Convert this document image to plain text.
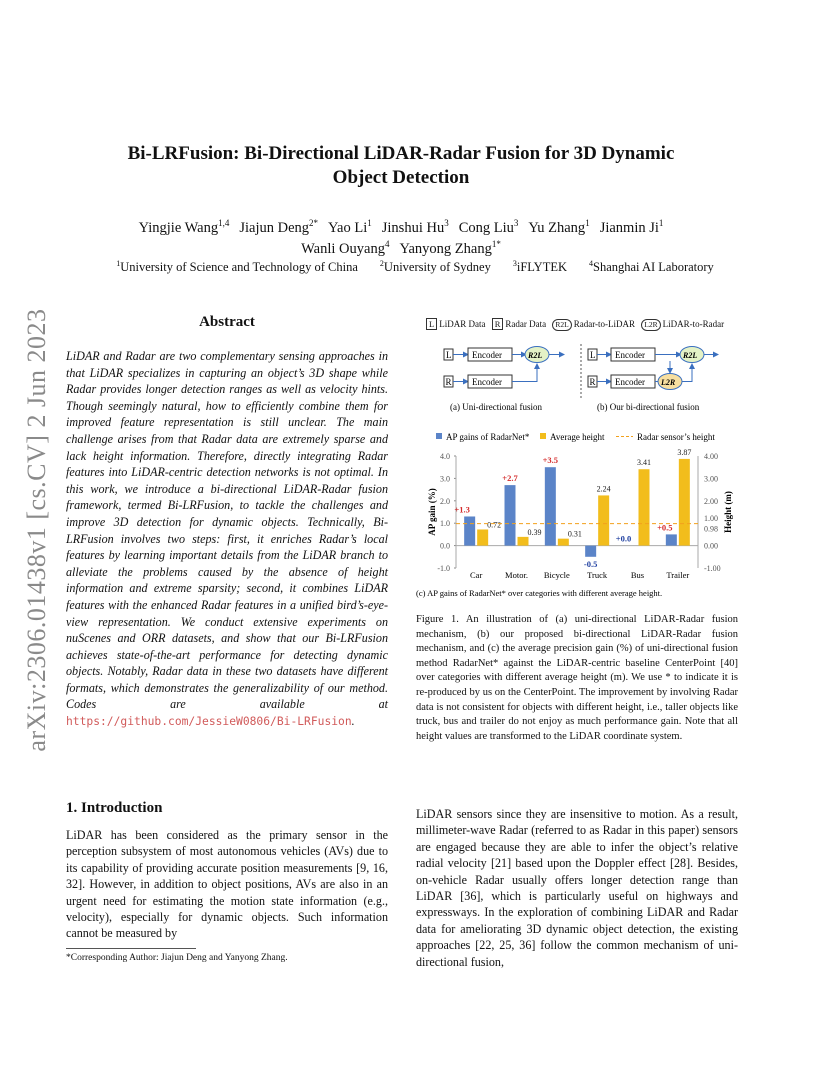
arXiv:2306.01438v1 [cs.CV] 2 Jun 2023
Bi-LRFusion: Bi-Directional LiDAR-Radar Fusion for 3D Dynamic
Object Detection
Yingjie Wang$^{1,4}$ Jiajun Deng$^{2*}$ Yao Li$^1$ Jinshui Hu$^3$ Cong Liu$^3$ Yu Zhang$^1$ Jianmin Ji$^1$
Wanli Ouyang$^4$ Yanyong Zhang$^{1*}$
$^1$University of Science and Technology of China	$^2$University of Sydney	$^3$iFLYTEK	$^4$Shanghai AI Laboratory
Abstract
LiDAR and Radar are two complementary sensing approaches in that LiDAR specializes in capturing an object’s 3D shape while Radar provides longer detection ranges as well as velocity hints. Though seemingly natural, how to efficiently combine them for improved feature representation is still unclear. The main challenge arises from that Radar data are extremely sparse and lack height information. Therefore, directly integrating Radar features into LiDAR-centric detection networks is not optimal. In this work, we introduce a bi-directional LiDAR-Radar fusion framework, termed Bi-LRFusion, to tackle the challenges and improve 3D detection for dynamic objects. Technically, Bi-LRFusion involves two steps: first, it enriches Radar’s local features by learning important details from the LiDAR branch to alleviate the problems caused by the absence of height information and extreme sparsity; second, it combines LiDAR features with the enhanced Radar features in a unified bird’s-eye-view representation. We conduct extensive experiments on nuScenes and ORR datasets, and show that our Bi-LRFusion achieves state-of-the-art performance for detecting dynamic objects. Notably, Radar data in these two datasets have different formats, which demonstrates the generalizability of our method. Codes are available at https://github.com/JessieW0806/Bi-LRFusion.
1. Introduction
LiDAR has been considered as the primary sensor in the perception subsystem of most autonomous vehicles (AVs) due to its capability of providing accurate position measurements [9, 16, 32]. However, in addition to object positions, AVs are also in an urgent need for estimating the motion state information (e.g., velocity), especially for dynamic objects. Such information cannot be measured by
LiDAR sensors since they are insensitive to motion. As a result, millimeter-wave Radar (referred to as Radar in this paper) sensors are engaged because they are able to infer the object’s relative radial velocity [21] based upon the Doppler effect [28]. Besides, on-vehicle Radar usually offers longer detection range than LiDAR [36], which is particularly useful on highways and expressways. In the exploration of combining LiDAR and Radar data for ameliorating 3D dynamic object detection, the existing approaches [22, 25, 36] follow the common mechanism of uni-directional fusion,
*Corresponding Author: Jiajun Deng and Yanyong Zhang.
L LiDAR Data R Radar Data R2L Radar-to-LiDAR L2R LiDAR-to-Radar
L Encoder	R2L
R Encoder
(a) Uni-directional fusion
L Encoder	R2L
R Encoder L2R
(b) Our bi-directional fusion
AP gains of RadarNet* Average height	Radar sensor’s height
AP gain (%)	Height (m)
4.0
3.0
2.0
1.0
0.0
-1.0
4.00
3.00
2.00
1.00
0.98
0.00
-1.00
+1.3
0.72
Car
+2.7
0.39
Motor.
+3.5
0.31
Bicycle
-0.5
2.24
Truck
+0.0
3.41
Bus
+0.5
3.87
Trailer
(c) AP gains of RadarNet* over categories with different average height.
Figure 1. An illustration of (a) uni-directional LiDAR-Radar fusion mechanism, (b) our proposed bi-directional LiDAR-Radar fusion mechanism, and (c) the average precision gain (%) of uni-directional fusion method RadarNet* against the LiDAR-centric baseline CenterPoint [40] over categories with different average height (m). We use * to indicate it is re-produced by us on the CenterPoint. The improvement by involving Radar data is not consistent for objects with different height, i.e., taller objects like truck, bus and trailer do not enjoy as much performance gain. Note that all height values are transformed to the LiDAR coordinate system.
